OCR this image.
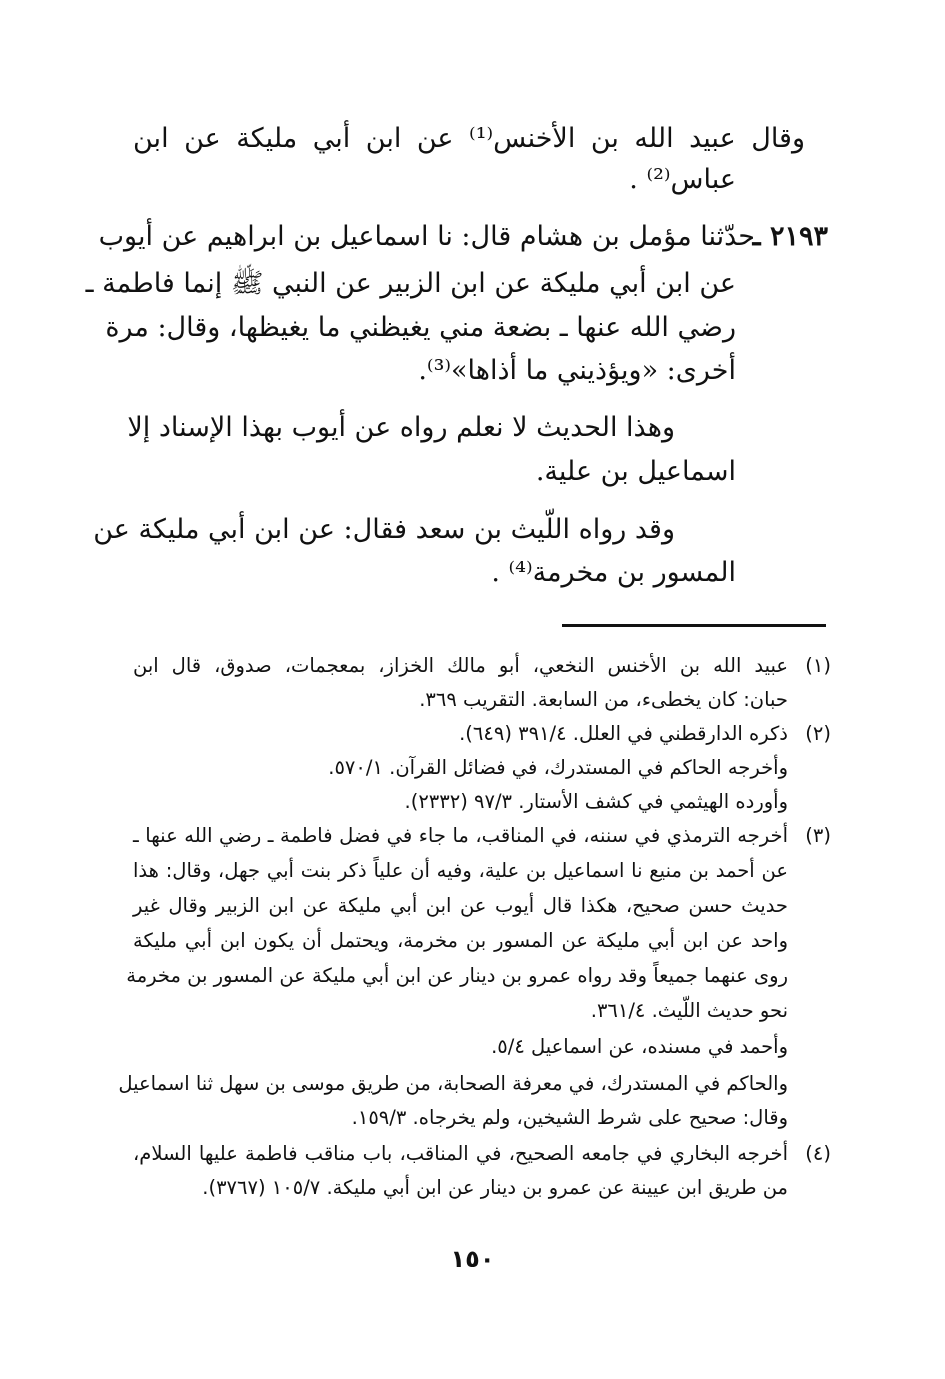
وقال عبيد الله بن الأخنس⁽¹⁾ عن ابن أبي مليكة عن ابن
عباس⁽²⁾ .
٢١٩٣ ـ
حدّثنا مؤمل بن هشام قال: نا اسماعيل بن ابراهيم عن أيوب
عن ابن أبي مليكة عن ابن الزبير عن النبي ﷺ إنما فاطمة ـ
رضي الله عنها ـ بضعة مني يغيظني ما يغيظها، وقال: مرة
أخرى: «ويؤذيني ما أذاها»⁽³⁾.
وهذا الحديث لا نعلم رواه عن أيوب بهذا الإسناد إلا
اسماعيل بن علية.
وقد رواه اللّيث بن سعد فقال: عن ابن أبي مليكة عن
المسور بن مخرمة⁽⁴⁾ .
(١)
عبيد الله بن الأخنس النخعي، أبو مالك الخزاز، بمعجمات، صدوق، قال ابن
حبان: كان يخطىء، من السابعة. التقريب ٣٦٩.
(٢)
ذكره الدارقطني في العلل. ٣٩١/٤ (٦٤٩).
وأخرجه الحاكم في المستدرك، في فضائل القرآن. ٥٧٠/١.
وأورده الهيثمي في كشف الأستار. ٩٧/٣ (٢٣٣٢).
(٣)
أخرجه الترمذي في سننه، في المناقب، ما جاء في فضل فاطمة ـ رضي الله عنها ـ
عن أحمد بن منيع نا اسماعيل بن علية، وفيه أن علياً ذكر بنت أبي جهل، وقال: هذا
حديث حسن صحيح، هكذا قال أيوب عن ابن أبي مليكة عن ابن الزبير وقال غير
واحد عن ابن أبي مليكة عن المسور بن مخرمة، ويحتمل أن يكون ابن أبي مليكة
روى عنهما جميعاً وقد رواه عمرو بن دينار عن ابن أبي مليكة عن المسور بن مخرمة
نحو حديث اللّيث. ٣٦١/٤.
وأحمد في مسنده، عن اسماعيل ٥/٤.
والحاكم في المستدرك، في معرفة الصحابة، من طريق موسى بن سهل ثنا اسماعيل
وقال: صحيح على شرط الشيخين، ولم يخرجاه. ١٥٩/٣.
(٤)
أخرجه البخاري في جامعه الصحيح، في المناقب، باب مناقب فاطمة عليها السلام،
من طريق ابن عيينة عن عمرو بن دينار عن ابن أبي مليكة. ١٠٥/٧ (٣٧٦٧).
١٥٠
